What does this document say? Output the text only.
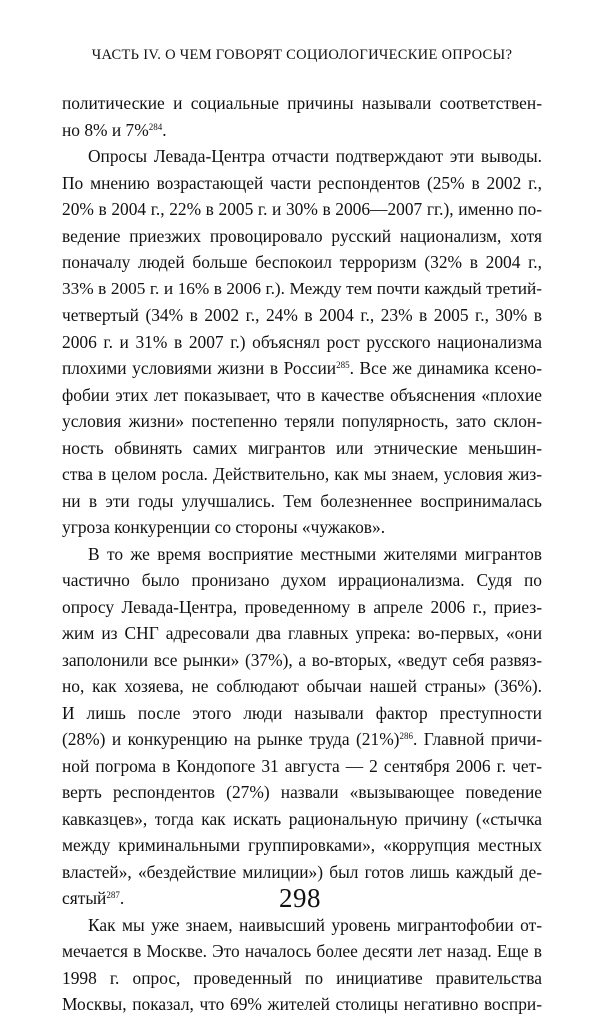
ЧАСТЬ IV. О ЧЕМ ГОВОРЯТ СОЦИОЛОГИЧЕСКИЕ ОПРОСЫ?
политические и социальные причины называли соответствен-
но 8% и 7%$^{284}$.
Опросы Левада-Центра отчасти подтверждают эти выводы.
По мнению возрастающей части респондентов (25% в 2002 г.,
20% в 2004 г., 22% в 2005 г. и 30% в 2006—2007 гг.), именно по-
ведение приезжих провоцировало русский национализм, хотя
поначалу людей больше беспокоил терроризм (32% в 2004 г.,
33% в 2005 г. и 16% в 2006 г.). Между тем почти каждый третий-
четвертый (34% в 2002 г., 24% в 2004 г., 23% в 2005 г., 30% в
2006 г. и 31% в 2007 г.) объяснял рост русского национализма
плохими условиями жизни в России$^{285}$. Все же динамика ксено-
фобии этих лет показывает, что в качестве объяснения «плохие
условия жизни» постепенно теряли популярность, зато склон-
ность обвинять самих мигрантов или этнические меньшин-
ства в целом росла. Действительно, как мы знаем, условия жиз-
ни в эти годы улучшались. Тем болезненнее воспринималась
угроза конкуренции со стороны «чужаков».
В то же время восприятие местными жителями мигрантов
частично было пронизано духом иррационализма. Судя по
опросу Левада-Центра, проведенному в апреле 2006 г., приез-
жим из СНГ адресовали два главных упрека: во-первых, «они
заполонили все рынки» (37%), а во-вторых, «ведут себя развяз-
но, как хозяева, не соблюдают обычаи нашей страны» (36%).
И лишь после этого люди называли фактор преступности
(28%) и конкуренцию на рынке труда $(21\%)^{286}$. Главной причи-
ной погрома в Кондопоге 31 августа — 2 сентября 2006 г. чет-
верть респондентов (27%) назвали «вызывающее поведение
кавказцев», тогда как искать рациональную причину («стычка
между криминальными группировками», «коррупция местных
властей», «бездействие милиции») был готов лишь каждый де-
сятый$^{287}$.
Как мы уже знаем, наивысший уровень мигрантофобии от-
мечается в Москве. Это началось более десяти лет назад. Еще в
1998 г. опрос, проведенный по инициативе правительства
Москвы, показал, что 69% жителей столицы негативно воспри-
298
